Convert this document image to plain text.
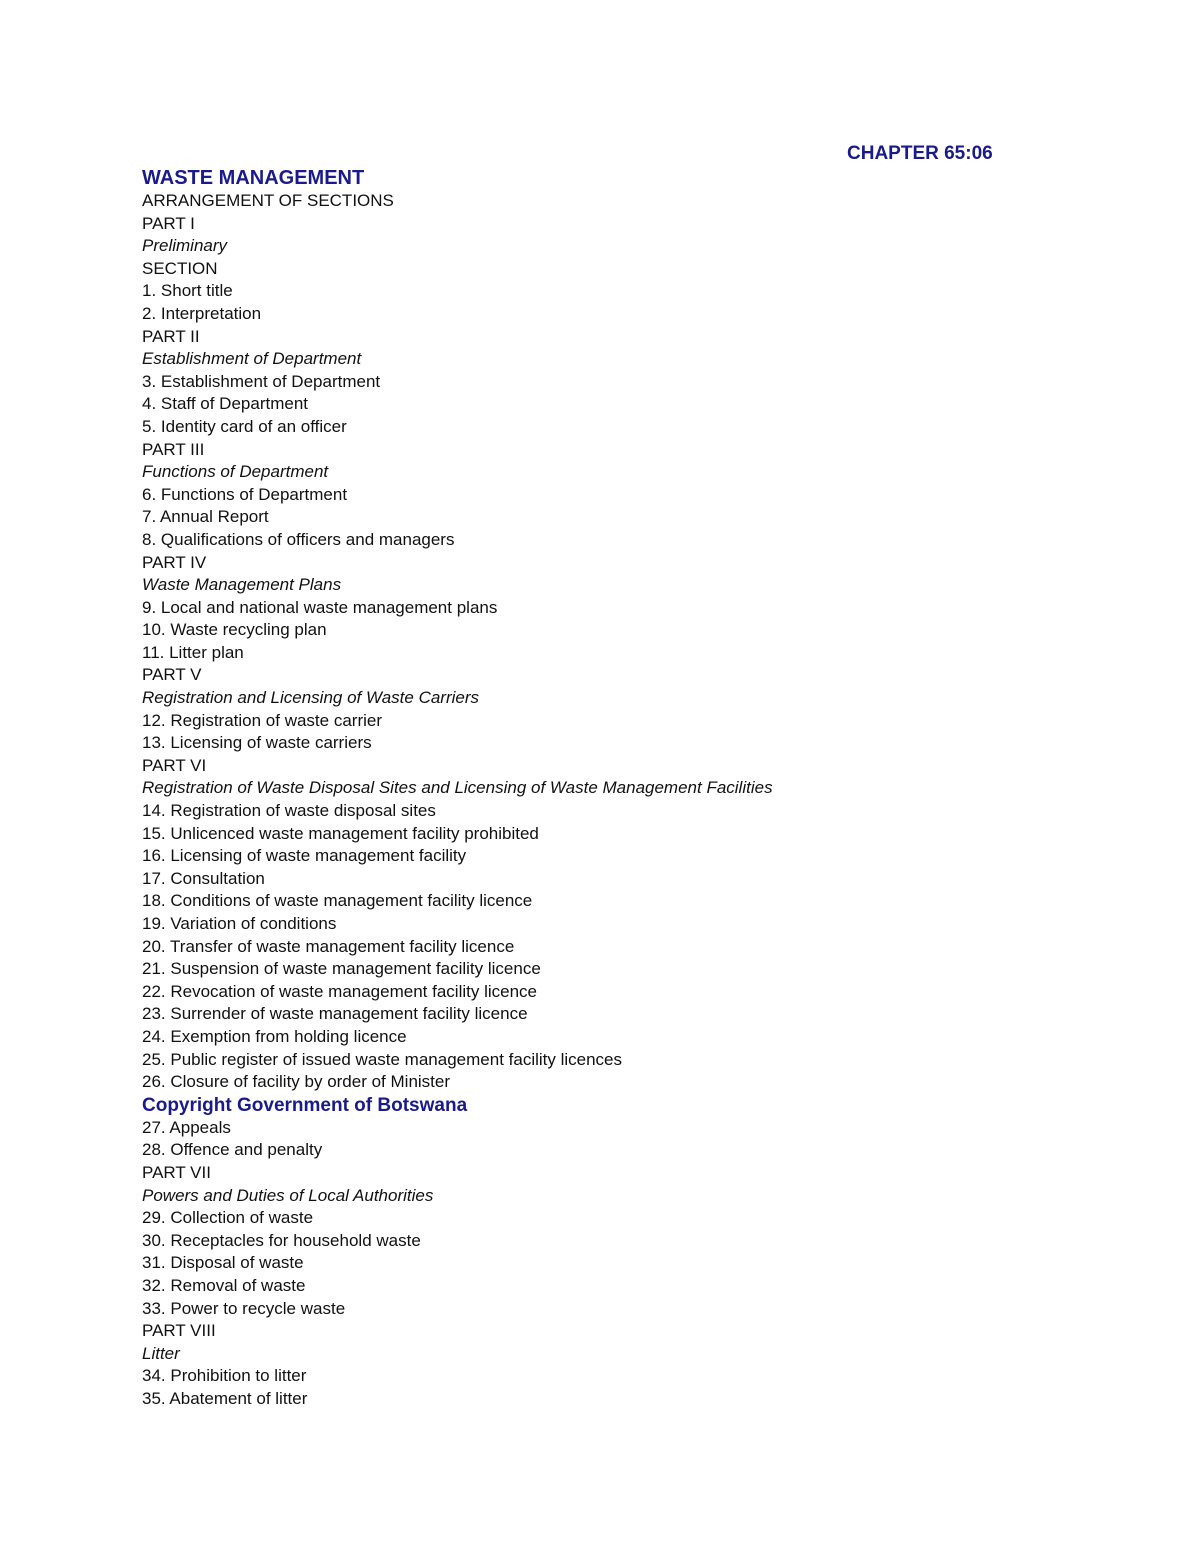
CHAPTER 65:06
WASTE MANAGEMENT
ARRANGEMENT OF SECTIONS
PART I
Preliminary
SECTION
1. Short title
2. Interpretation
PART II
Establishment of Department
3. Establishment of Department
4. Staff of Department
5. Identity card of an officer
PART III
Functions of Department
6. Functions of Department
7. Annual Report
8. Qualifications of officers and managers
PART IV
Waste Management Plans
9. Local and national waste management plans
10. Waste recycling plan
11. Litter plan
PART V
Registration and Licensing of Waste Carriers
12. Registration of waste carrier
13. Licensing of waste carriers
PART VI
Registration of Waste Disposal Sites and Licensing of Waste Management Facilities
14. Registration of waste disposal sites
15. Unlicenced waste management facility prohibited
16. Licensing of waste management facility
17. Consultation
18. Conditions of waste management facility licence
19. Variation of conditions
20. Transfer of waste management facility licence
21. Suspension of waste management facility licence
22. Revocation of waste management facility licence
23. Surrender of waste management facility licence
24. Exemption from holding licence
25. Public register of issued waste management facility licences
26. Closure of facility by order of Minister
Copyright Government of Botswana
27. Appeals
28. Offence and penalty
PART VII
Powers and Duties of Local Authorities
29. Collection of waste
30. Receptacles for household waste
31. Disposal of waste
32. Removal of waste
33. Power to recycle waste
PART VIII
Litter
34. Prohibition to litter
35. Abatement of litter
